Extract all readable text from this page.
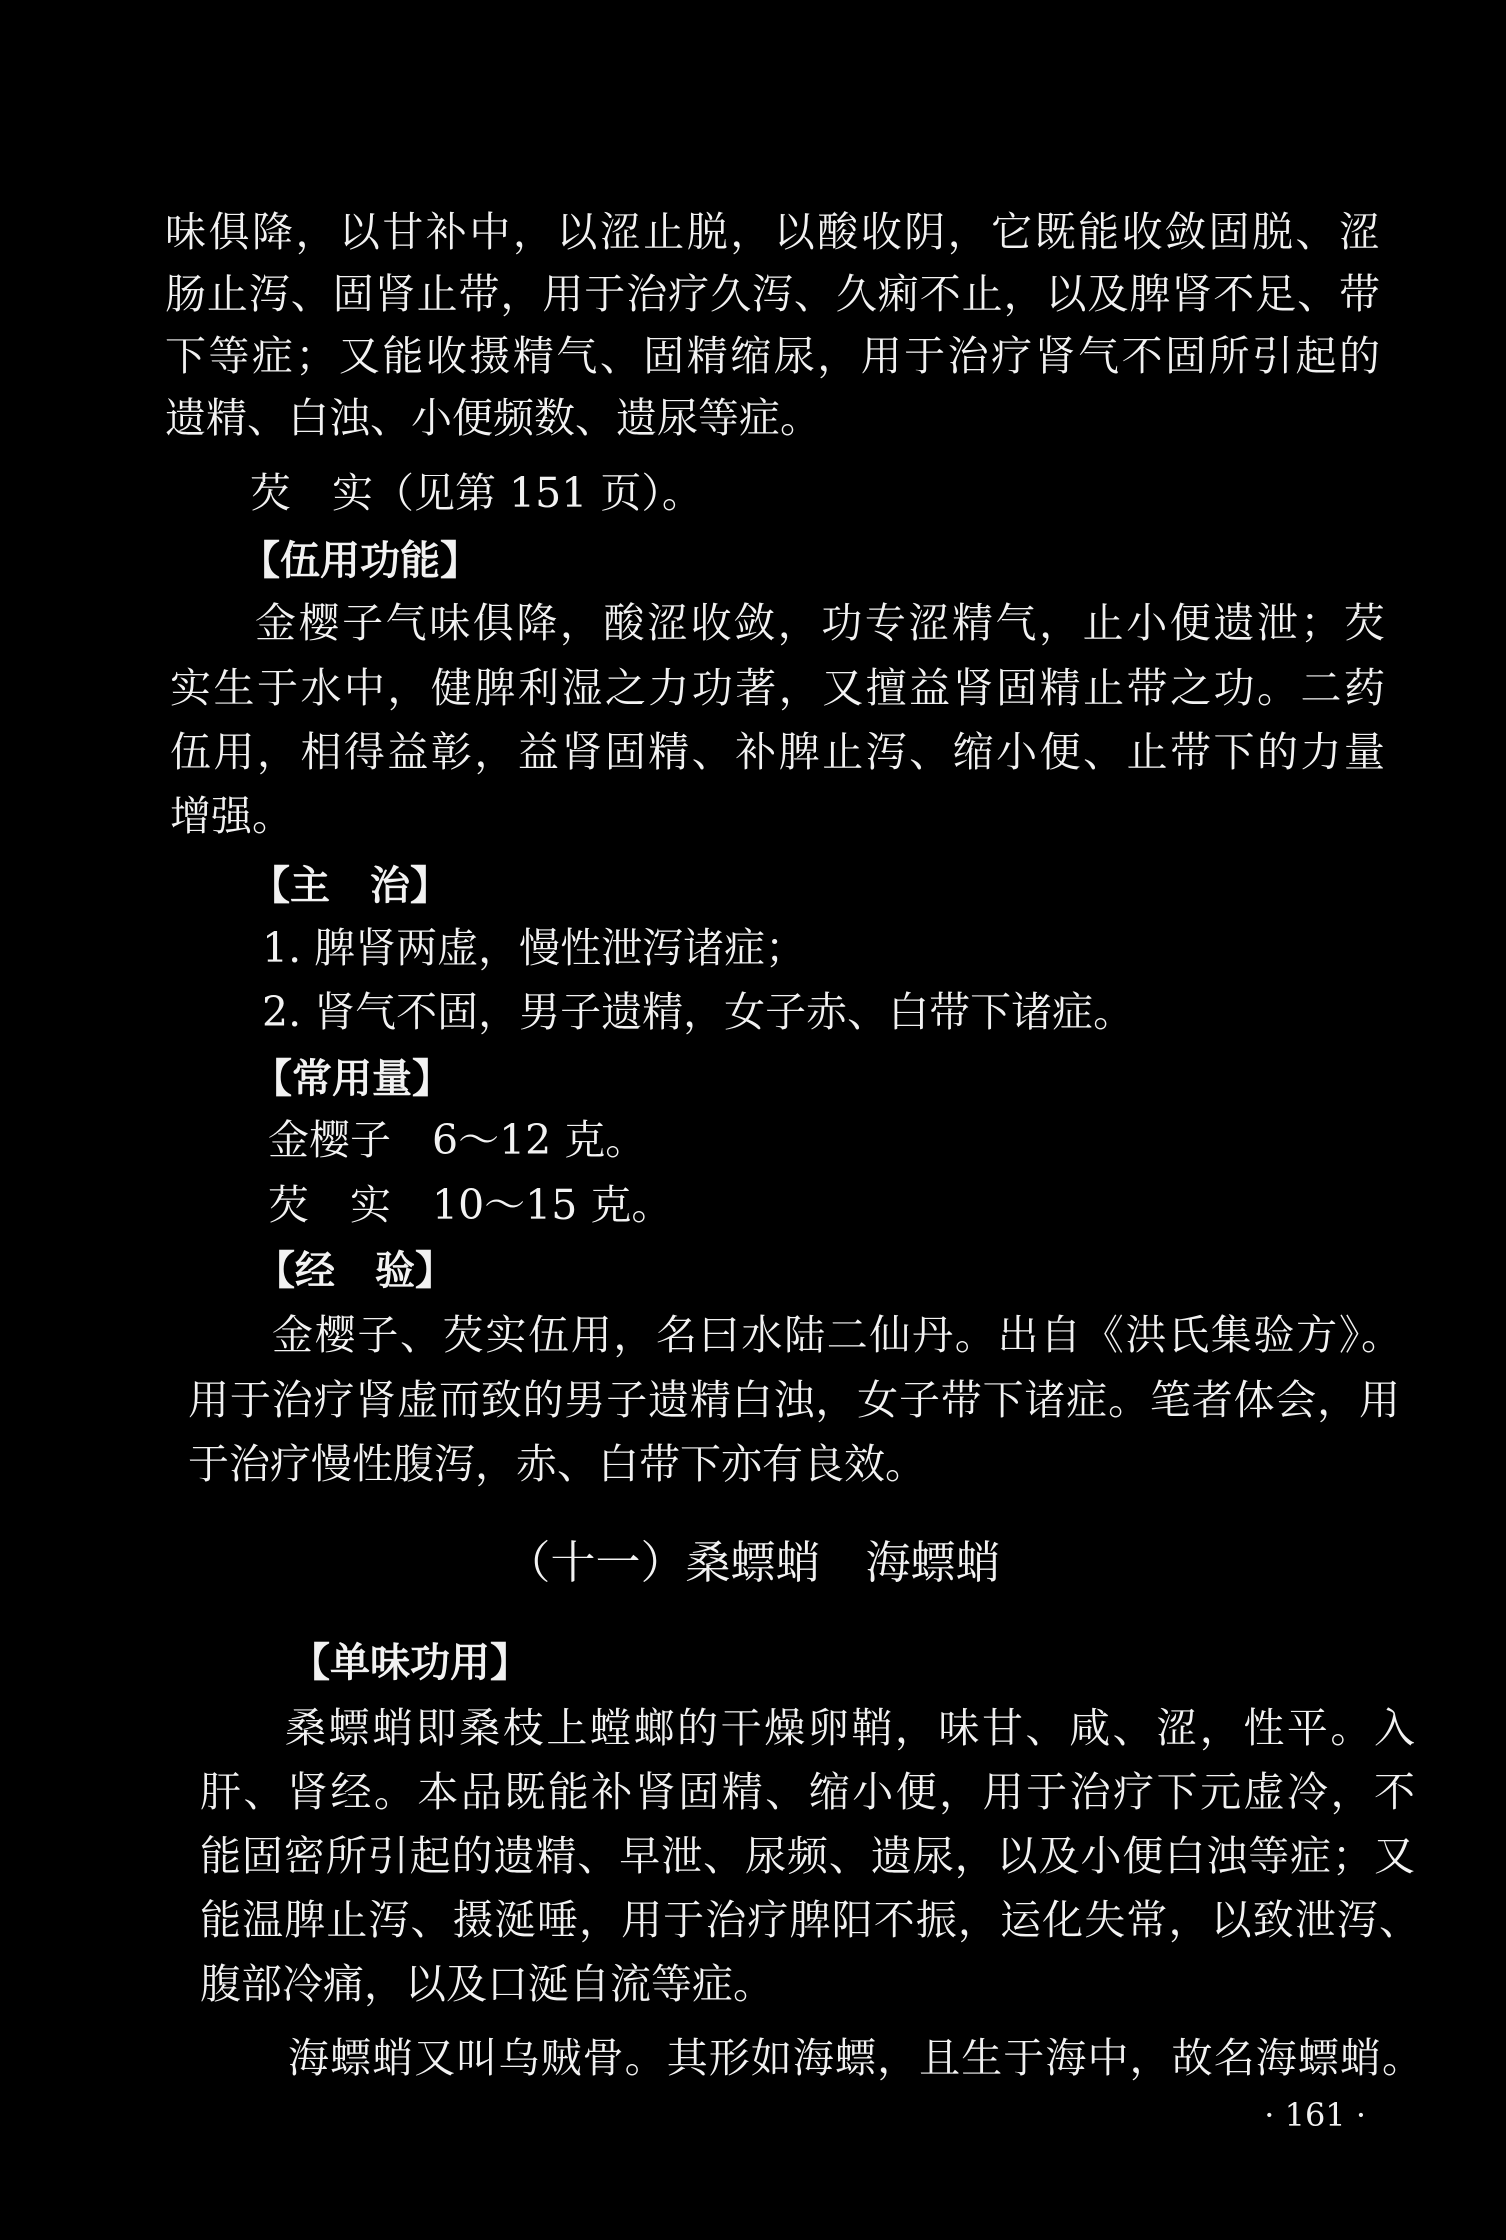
味俱降，以甘补中，以涩止脱，以酸收阴，它既能收敛固脱、涩
肠止泻、固肾止带，用于治疗久泻、久痢不止，以及脾肾不足、带
下等症；又能收摄精气、固精缩尿，用于治疗肾气不固所引起的
遗精、白浊、小便频数、遗尿等症。
芡　实（见第 151 页）。
【伍用功能】
金樱子气味俱降，酸涩收敛，功专涩精气，止小便遗泄；芡
实生于水中，健脾利湿之力功著，又擅益肾固精止带之功。二药
伍用，相得益彰，益肾固精、补脾止泻、缩小便、止带下的力量
增强。
【主　治】
1. 脾肾两虚，慢性泄泻诸症；
2. 肾气不固，男子遗精，女子赤、白带下诸症。
【常用量】
金樱子　6～12 克。
芡　实　10～15 克。
【经　验】
金樱子、芡实伍用，名曰水陆二仙丹。出自《洪氏集验方》。
用于治疗肾虚而致的男子遗精白浊，女子带下诸症。笔者体会，用
于治疗慢性腹泻，赤、白带下亦有良效。
（十一）桑螵蛸　海螵蛸
【单味功用】
桑螵蛸即桑枝上螳螂的干燥卵鞘，味甘、咸、涩，性平。入
肝、肾经。本品既能补肾固精、缩小便，用于治疗下元虚冷，不
能固密所引起的遗精、早泄、尿频、遗尿，以及小便白浊等症；又
能温脾止泻、摄涎唾，用于治疗脾阳不振，运化失常，以致泄泻、
腹部冷痛，以及口涎自流等症。
海螵蛸又叫乌贼骨。其形如海螵，且生于海中，故名海螵蛸。
· 161 ·
